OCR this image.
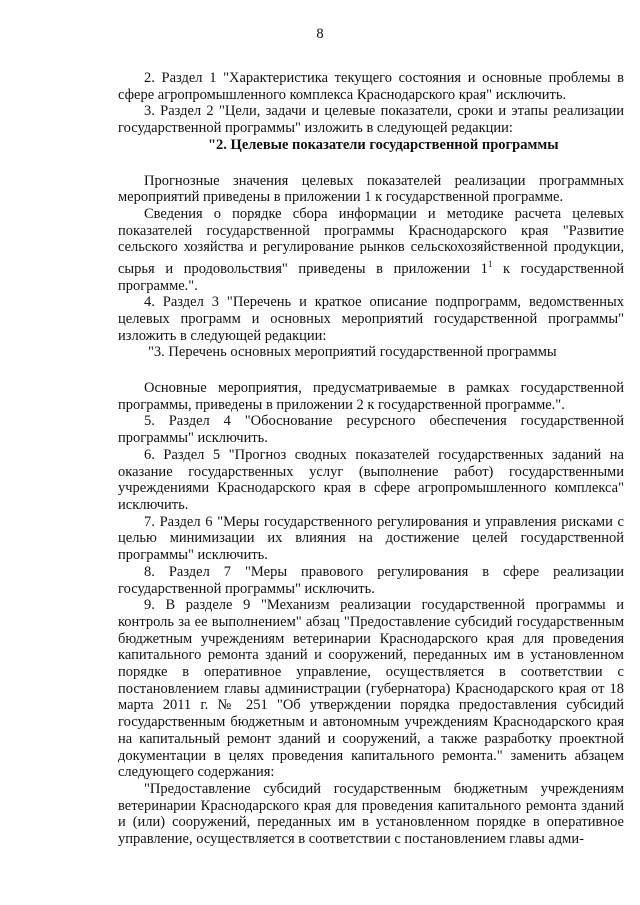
8

2. Раздел 1 "Характеристика текущего состояния и основные проблемы в сфере агропромышленного комплекса Краснодарского края" исключить.

3. Раздел 2 "Цели, задачи и целевые показатели, сроки и этапы реализации государственной программы" изложить в следующей редакции:

"2. Целевые показатели государственной программы

Прогнозные значения целевых показателей реализации программных мероприятий приведены в приложении 1 к государственной программе.

Сведения о порядке сбора информации и методике расчета целевых показателей государственной программы Краснодарского края "Развитие сельского хозяйства и регулирование рынков сельскохозяйственной продукции, сырья и продовольствия" приведены в приложении $1^1$ к государственной программе.".

4. Раздел 3 "Перечень и краткое описание подпрограмм, ведомственных целевых программ и основных мероприятий государственной программы" изложить в следующей редакции:

"3. Перечень основных мероприятий государственной программы

Основные мероприятия, предусматриваемые в рамках государственной программы, приведены в приложении 2 к государственной программе.".

5. Раздел 4 "Обоснование ресурсного обеспечения государственной программы" исключить.

6. Раздел 5 "Прогноз сводных показателей государственных заданий на оказание государственных услуг (выполнение работ) государственными учреждениями Краснодарского края в сфере агропромышленного комплекса" исключить.

7. Раздел 6 "Меры государственного регулирования и управления рисками с целью минимизации их влияния на достижение целей государственной программы" исключить.

8. Раздел 7 "Меры правового регулирования в сфере реализации государственной программы" исключить.

9. В разделе 9 "Механизм реализации государственной программы и контроль за ее выполнением" абзац "Предоставление субсидий государственным бюджетным учреждениям ветеринарии Краснодарского края для проведения капитального ремонта зданий и сооружений, переданных им в установленном порядке в оперативное управление, осуществляется в соответствии с постановлением главы администрации (губернатора) Краснодарского края от 18 марта 2011 г. № 251 "Об утверждении порядка предоставления субсидий государственным бюджетным и автономным учреждениям Краснодарского края на капитальный ремонт зданий и сооружений, а также разработку проектной документации в целях проведения капитального ремонта." заменить абзацем следующего содержания:

"Предоставление субсидий государственным бюджетным учреждениям ветеринарии Краснодарского края для проведения капитального ремонта зданий и (или) сооружений, переданных им в установленном порядке в оперативное управление, осуществляется в соответствии с постановлением главы адми-
